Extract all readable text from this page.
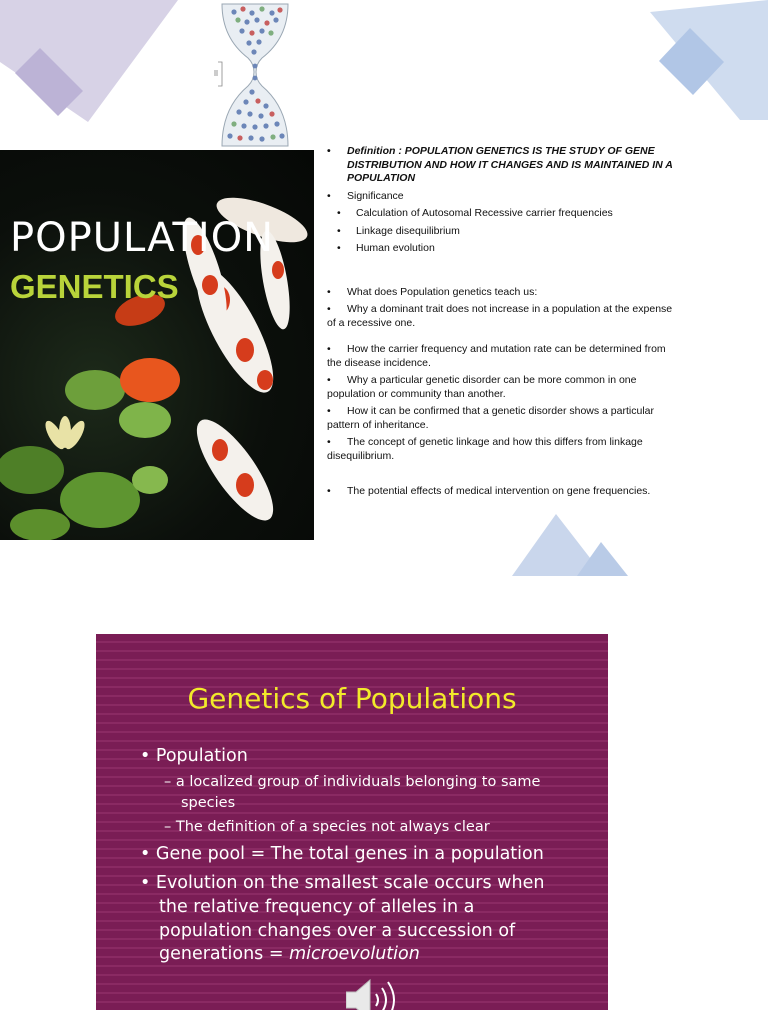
POPULATION
GENETICS
• Definition : POPULATION GENETICS IS THE STUDY OF GENE DISTRIBUTION AND HOW IT CHANGES AND IS MAINTAINED IN A POPULATION
• Significance
• Calculation of Autosomal Recessive carrier frequencies
• Linkage disequilibrium
• Human evolution
• What does Population genetics teach us:
• Why a dominant trait does not increase in a population at the expense
of a recessive one.
• How the carrier frequency and mutation rate can be determined from
the disease incidence.
• Why a particular genetic disorder can be more common in one
population or community than another.
• How it can be confirmed that a genetic disorder shows a particular
pattern of inheritance.
• The concept of genetic linkage and how this differs from linkage
disequilibrium.
• The potential effects of medical intervention on gene frequencies.
Genetics of Populations
• Population
– a localized group of individuals belonging to same
species
– The definition of a species not always clear
• Gene pool = The total genes in a population
• Evolution on the smallest scale occurs when
the relative frequency of alleles in a
population changes over a succession of
generations = microevolution
